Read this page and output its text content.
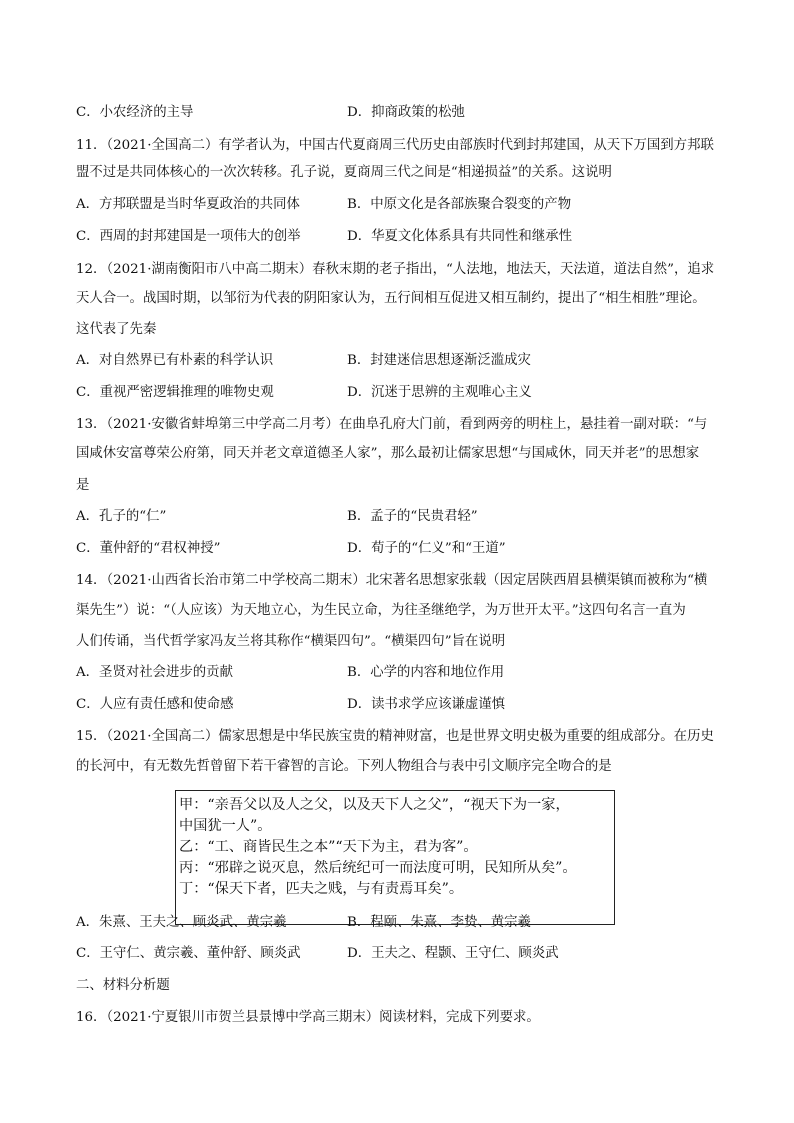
C．小农经济的主导	D．抑商政策的松弛
11．（2021·全国高二）有学者认为，中国古代夏商周三代历史由部族时代到封邦建国，从天下万国到方邦联
盟不过是共同体核心的一次次转移。孔子说，夏商周三代之间是“相递损益”的关系。这说明
A．方邦联盟是当时华夏政治的共同体	B．中原文化是各部族聚合裂变的产物
C．西周的封邦建国是一项伟大的创举	D．华夏文化体系具有共同性和继承性
12．（2021·湖南衡阳市八中高二期末）春秋末期的老子指出，“人法地，地法天，天法道，道法自然”，追求
天人合一。战国时期，以邹衍为代表的阴阳家认为，五行间相互促进又相互制约，提出了“相生相胜”理论。
这代表了先秦
A．对自然界已有朴素的科学认识	B．封建迷信思想逐渐泛滥成灾
C．重视严密逻辑推理的唯物史观	D．沉迷于思辨的主观唯心主义
13．（2021·安徽省蚌埠第三中学高二月考）在曲阜孔府大门前，看到两旁的明柱上，悬挂着一副对联：“与
国咸休安富尊荣公府第，同天并老文章道德圣人家”，那么最初让儒家思想“与国咸休，同天并老”的思想家
是
A．孔子的“仁”	B．孟子的“民贵君轻”
C．董仲舒的“君权神授”	D．荀子的“仁义”和“王道”
14．（2021·山西省长治市第二中学校高二期末）北宋著名思想家张载（因定居陕西眉县横渠镇而被称为“横
渠先生”）说：“（人应该）为天地立心，为生民立命，为往圣继绝学，为万世开太平。”这四句名言一直为
人们传诵，当代哲学家冯友兰将其称作“横渠四句”。“横渠四句”旨在说明
A．圣贤对社会进步的贡献	B．心学的内容和地位作用
C．人应有责任感和使命感	D．读书求学应该谦虚谨慎
15．（2021·全国高二）儒家思想是中华民族宝贵的精神财富，也是世界文明史极为重要的组成部分。在历史
的长河中，有无数先哲曾留下若干睿智的言论。下列人物组合与表中引文顺序完全吻合的是
甲：“亲吾父以及人之父，以及天下人之父”，“视天下为一家，
中国犹一人”。
乙：“工、商皆民生之本”“天下为主，君为客”。
丙：“邪辟之说灭息，然后统纪可一而法度可明，民知所从矣”。
丁：“保天下者，匹夫之贱，与有责焉耳矣”。
A．朱熹、王夫之、顾炎武、黄宗羲	B．程颐、朱熹、李贽、黄宗羲
C．王守仁、黄宗羲、董仲舒、顾炎武	D．王夫之、程颢、王守仁、顾炎武
二、材料分析题
16．（2021·宁夏银川市贺兰县景博中学高三期末）阅读材料，完成下列要求。
